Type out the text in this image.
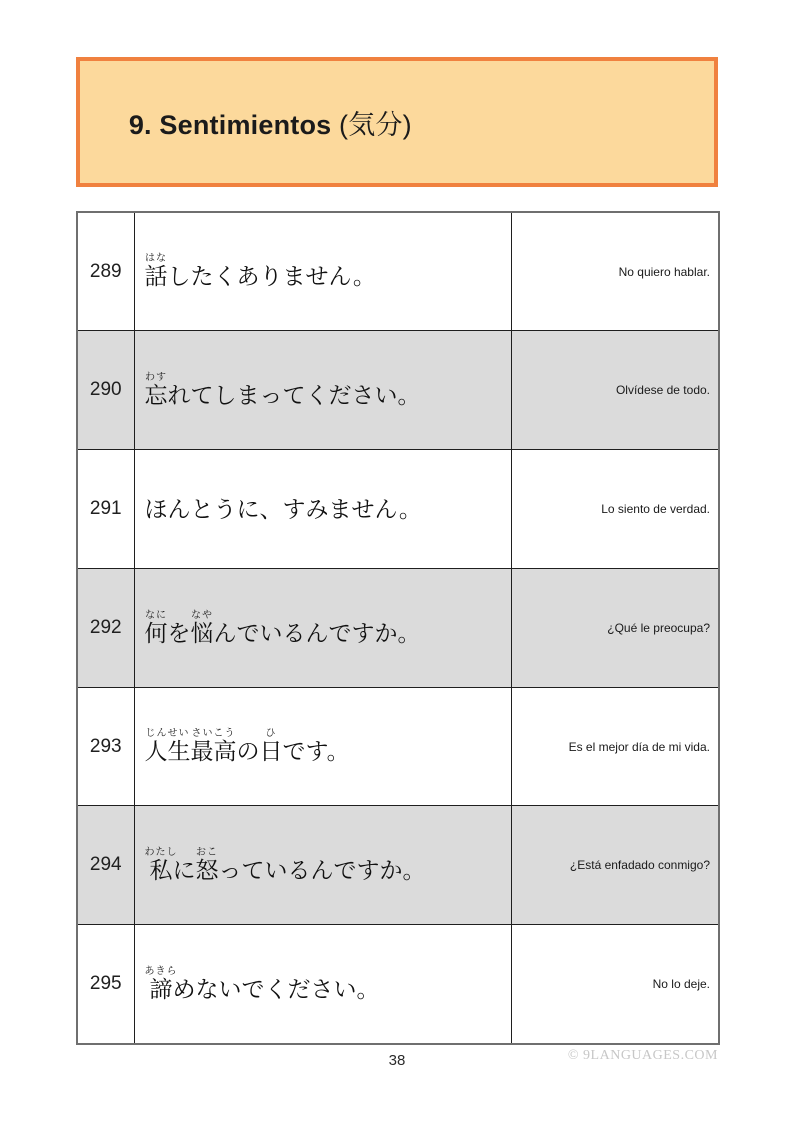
9. Sentimientos (気分)

289	話はなしたくありません。	No quiero hablar.
290	忘わすれてしまってください。	Olvídese de todo.
291	ほんとうに、すみません。	Lo siento de verdad.
292	何なにを悩なやんでいるんですか。	¿Qué le preocupa?
293	人生じんせい最高さいこうの日ひです。	Es el mejor día de mi vida.
294	私わたしに怒おこっているんですか。	¿Está enfadado conmigo?
295	諦あきらめないでください。	No lo deje.
38	© 9LANGUAGES.COM
